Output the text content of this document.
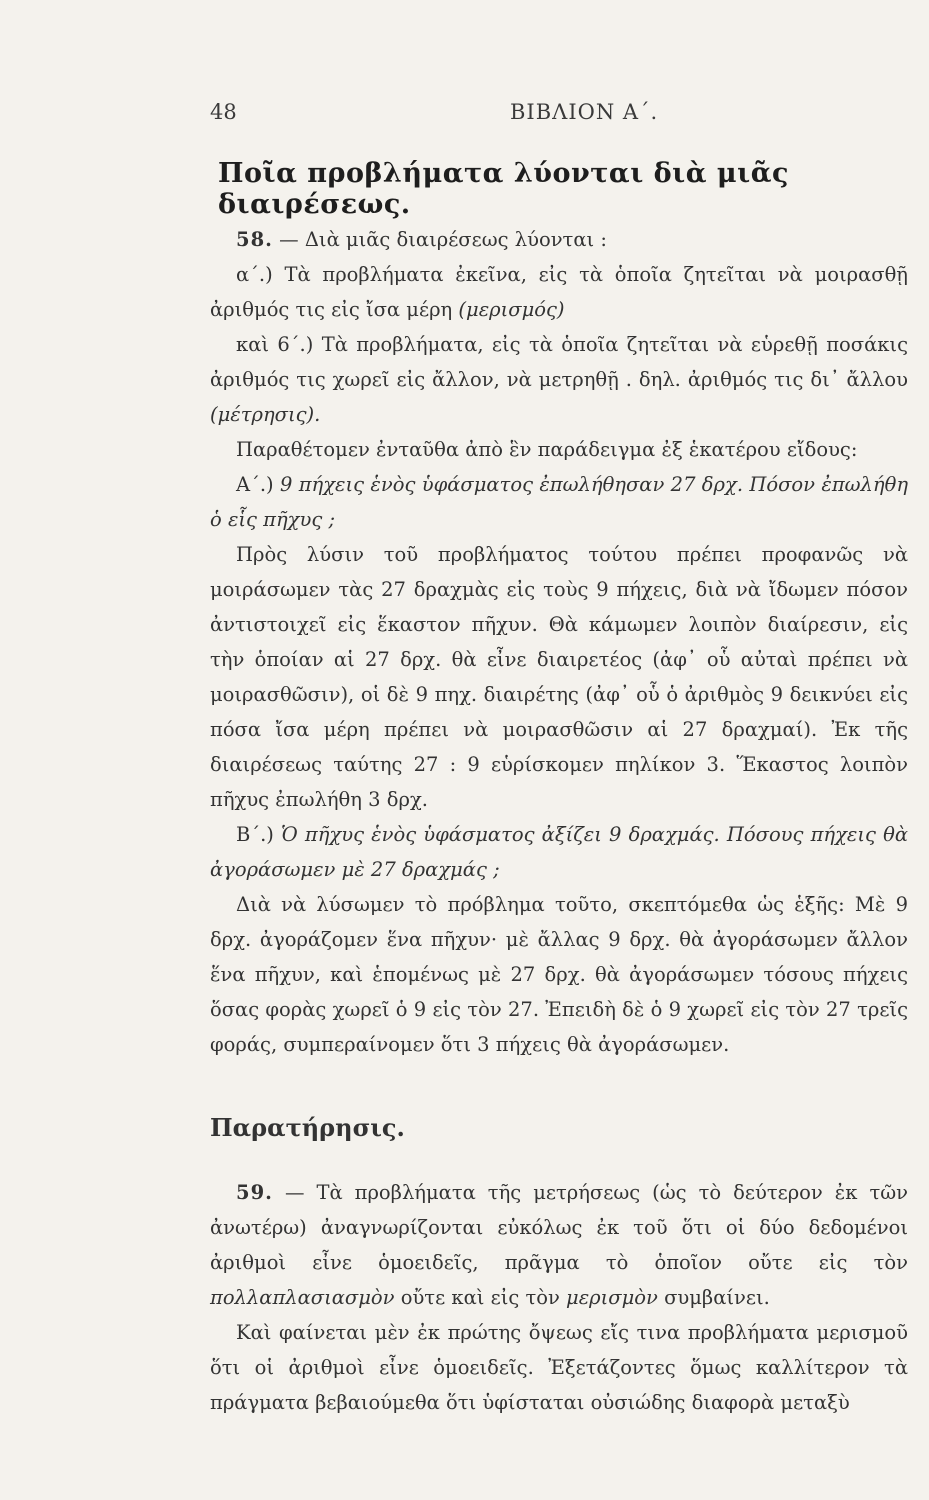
48	ΒΙΒΛΙΟΝ Α΄.
Ποῖα προβλήματα λύονται διὰ μιᾶς διαιρέσεως.

58. — Διὰ μιᾶς διαιρέσεως λύονται :

α΄.) Τὰ προβλήματα ἐκεῖνα, εἰς τὰ ὁποῖα ζητεῖται νὰ μοιρασθῇ ἀριθμός τις εἰς ἴσα μέρη (μερισμός)

καὶ 6΄.) Τὰ προβλήματα, εἰς τὰ ὁποῖα ζητεῖται νὰ εὑρεθῇ ποσάκις ἀριθμός τις χωρεῖ εἰς ἄλλον, νὰ μετρηθῇ . δηλ. ἀριθμός τις δι᾿ ἄλλου (μέτρησις).

Παραθέτομεν ἐνταῦθα ἀπὸ ἓν παράδειγμα ἐξ ἑκατέρου εἴδους:

Α΄.) 9 πήχεις ἑνὸς ὑφάσματος ἐπωλήθησαν 27 δρχ. Πόσον ἐπωλήθη ὁ εἷς πῆχυς ;

Πρὸς λύσιν τοῦ προβλήματος τούτου πρέπει προφανῶς νὰ μοιράσωμεν τὰς 27 δραχμὰς εἰς τοὺς 9 πήχεις, διὰ νὰ ἴδωμεν πόσον ἀντιστοιχεῖ εἰς ἕκαστον πῆχυν. Θὰ κάμωμεν λοιπὸν διαίρεσιν, εἰς τὴν ὁποίαν αἱ 27 δρχ. θὰ εἶνε διαιρετέος (ἀφ᾿ οὗ αὐταὶ πρέπει νὰ μοιρασθῶσιν), οἱ δὲ 9 πηχ. διαιρέτης (ἀφ᾿ οὗ ὁ ἀριθμὸς 9 δεικνύει εἰς πόσα ἴσα μέρη πρέπει νὰ μοιρασθῶσιν αἱ 27 δραχμαί). Ἐκ τῆς διαιρέσεως ταύτης 27 : 9 εὑρίσκομεν πηλίκον 3. Ἕκαστος λοιπὸν πῆχυς ἐπωλήθη 3 δρχ.

Β΄.) Ὁ πῆχυς ἑνὸς ὑφάσματος ἀξίζει 9 δραχμάς. Πόσους πήχεις θὰ ἀγοράσωμεν μὲ 27 δραχμάς ;

Διὰ νὰ λύσωμεν τὸ πρόβλημα τοῦτο, σκεπτόμεθα ὡς ἑξῆς: Μὲ 9 δρχ. ἀγοράζομεν ἕνα πῆχυν· μὲ ἄλλας 9 δρχ. θὰ ἀγοράσωμεν ἄλλον ἕνα πῆχυν, καὶ ἑπομένως μὲ 27 δρχ. θὰ ἀγοράσωμεν τόσους πήχεις ὅσας φορὰς χωρεῖ ὁ 9 εἰς τὸν 27. Ἐπειδὴ δὲ ὁ 9 χωρεῖ εἰς τὸν 27 τρεῖς φοράς, συμπεραίνομεν ὅτι 3 πήχεις θὰ ἀγοράσωμεν.

Παρατήρησις.

59. — Τὰ προβλήματα τῆς μετρήσεως (ὡς τὸ δεύτερον ἐκ τῶν ἀνωτέρω) ἀναγνωρίζονται εὐκόλως ἐκ τοῦ ὅτι οἱ δύο δεδομένοι ἀριθμοὶ εἶνε ὁμοειδεῖς, πρᾶγμα τὸ ὁποῖον οὔτε εἰς τὸν πολλαπλασιασμὸν οὔτε καὶ εἰς τὸν μερισμὸν συμβαίνει.

Καὶ φαίνεται μὲν ἐκ πρώτης ὄψεως εἴς τινα προβλήματα μερισμοῦ ὅτι οἱ ἀριθμοὶ εἶνε ὁμοειδεῖς. Ἐξετάζοντες ὅμως καλλίτερον τὰ πράγματα βεβαιούμεθα ὅτι ὑφίσταται οὐσιώδης διαφορὰ μεταξὺ
